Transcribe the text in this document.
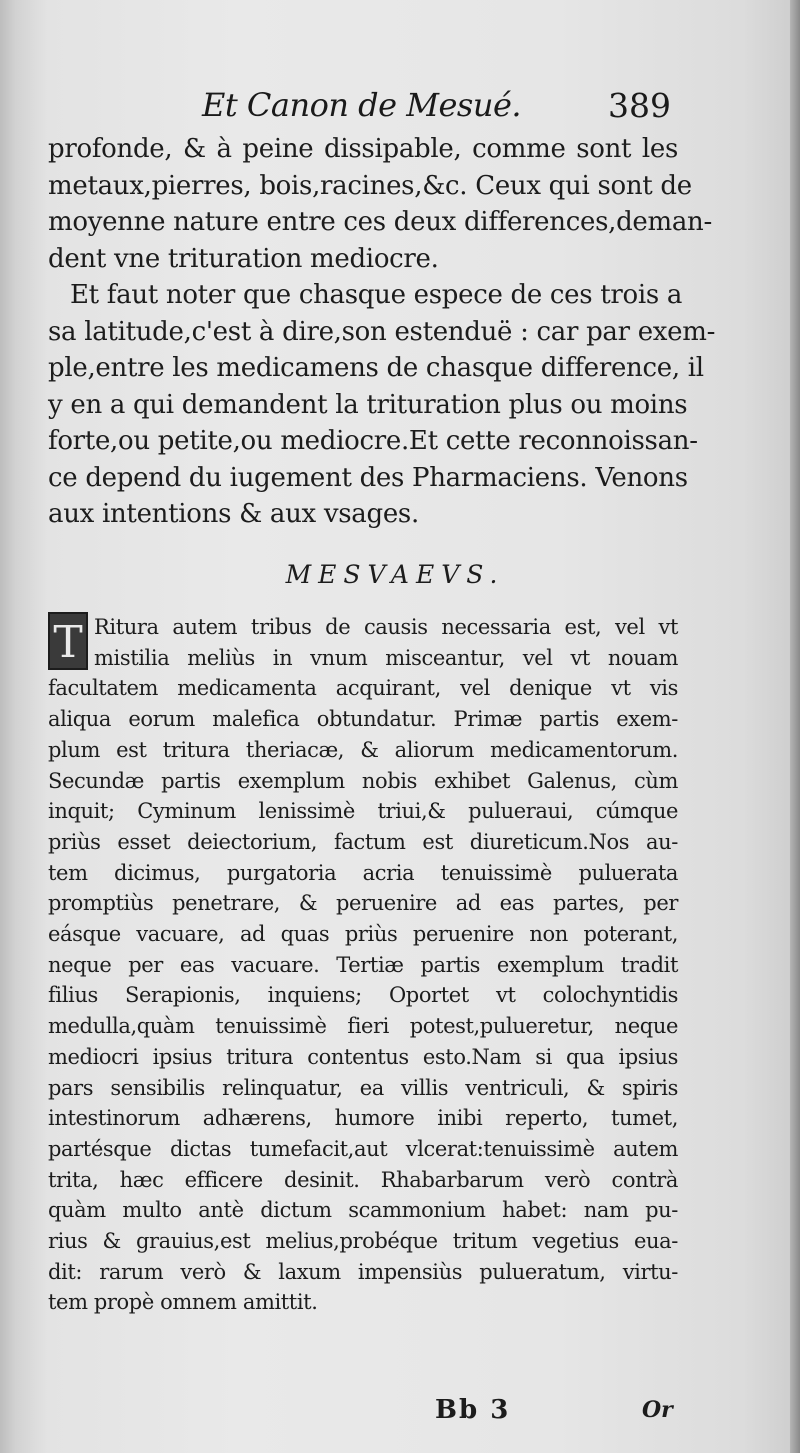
Et Canon de Mesué.	389
profonde, & à peine dissipable, comme sont les
metaux,pierres, bois,racines,&c. Ceux qui sont de
moyenne nature entre ces deux differences,deman-
dent vne trituration mediocre.
Et faut noter que chasque espece de ces trois a
sa latitude,c'est à dire,son estenduë : car par exem-
ple,entre les medicamens de chasque difference, il
y en a qui demandent la trituration plus ou moins
forte,ou petite,ou mediocre.Et cette reconnoissan-
ce depend du iugement des Pharmaciens. Venons
aux intentions & aux vsages.
MESVAEVS.
T Ritura autem tribus de causis necessaria est, vel vt
mistilia meliùs in vnum misceantur, vel vt nouam
facultatem medicamenta acquirant, vel denique vt vis
aliqua eorum malefica obtundatur. Primæ partis exem-
plum est tritura theriacæ, & aliorum medicamentorum.
Secundæ partis exemplum nobis exhibet Galenus, cùm
inquit; Cyminum lenissimè triui,& pulueraui, cúmque
priùs esset deiectorium, factum est diureticum.Nos au-
tem dicimus, purgatoria acria tenuissimè puluerata
promptiùs penetrare, & peruenire ad eas partes, per
eásque vacuare, ad quas priùs peruenire non poterant,
neque per eas vacuare. Tertiæ partis exemplum tradit
filius Serapionis, inquiens; Oportet vt colochyntidis
medulla,quàm tenuissimè fieri potest,pulueretur, neque
mediocri ipsius tritura contentus esto.Nam si qua ipsius
pars sensibilis relinquatur, ea villis ventriculi, & spiris
intestinorum adhærens, humore inibi reperto, tumet,
partésque dictas tumefacit,aut vlcerat:tenuissimè autem
trita, hæc efficere desinit. Rhabarbarum verò contrà
quàm multo antè dictum scammonium habet: nam pu-
rius & grauius,est melius,probéque tritum vegetius eua-
dit: rarum verò & laxum impensiùs pulueratum, virtu-
tem propè omnem amittit.
Bb 3	Or
